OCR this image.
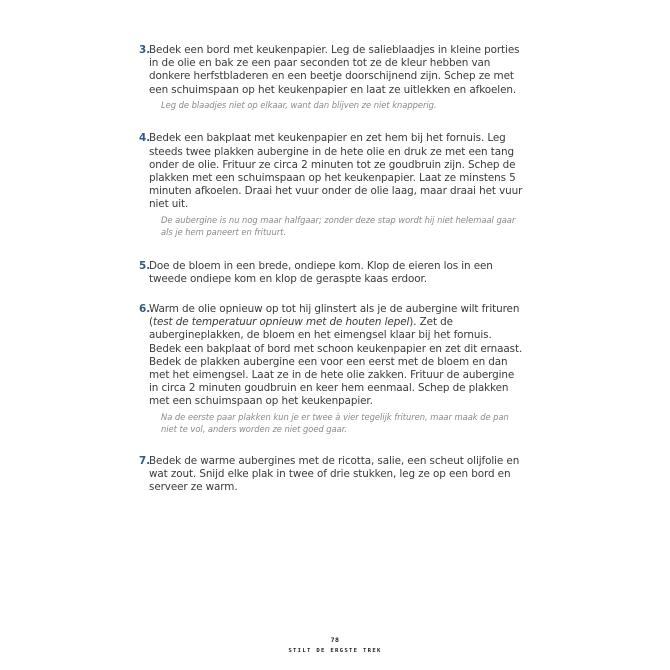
3.

Bedek een bord met keukenpapier. Leg de salieblaadjes in kleine porties in de olie en bak ze een paar seconden tot ze de kleur hebben van donkere herfstbladeren en een beetje doorschijnend zijn. Schep ze met een schuimspaan op het keukenpapier en laat ze uitlekken en afkoelen.

Leg de blaadjes niet op elkaar, want dan blijven ze niet knapperig.

4.

Bedek een bakplaat met keukenpapier en zet hem bij het fornuis. Leg steeds twee plakken aubergine in de hete olie en druk ze met een tang onder de olie. Frituur ze circa 2 minuten tot ze goudbruin zijn. Schep de plakken met een schuimspaan op het keukenpapier. Laat ze minstens 5 minuten afkoelen. Draai het vuur onder de olie laag, maar draai het vuur niet uit.

De aubergine is nu nog maar halfgaar; zonder deze stap wordt hij niet helemaal gaar als je hem paneert en frituurt.

5.

Doe de bloem in een brede, ondiepe kom. Klop de eieren los in een tweede ondiepe kom en klop de geraspte kaas erdoor.

6.

Warm de olie opnieuw op tot hij glinstert als je de aubergine wilt frituren (test de temperatuur opnieuw met de houten lepel). Zet de aubergineplakken, de bloem en het eimengsel klaar bij het fornuis. Bedek een bakplaat of bord met schoon keukenpapier en zet dit ernaast. Bedek de plakken aubergine een voor een eerst met de bloem en dan met het eimengsel. Laat ze in de hete olie zakken. Frituur de aubergine in circa 2 minuten goudbruin en keer hem eenmaal. Schep de plakken met een schuimspaan op het keukenpapier.

Na de eerste paar plakken kun je er twee à vier tegelijk frituren, maar maak de pan niet te vol, anders worden ze niet goed gaar.

7.

Bedek de warme aubergines met de ricotta, salie, een scheut olijfolie en wat zout. Snijd elke plak in twee of drie stukken, leg ze op een bord en serveer ze warm.

78
STILT DE ERGSTE TREK
